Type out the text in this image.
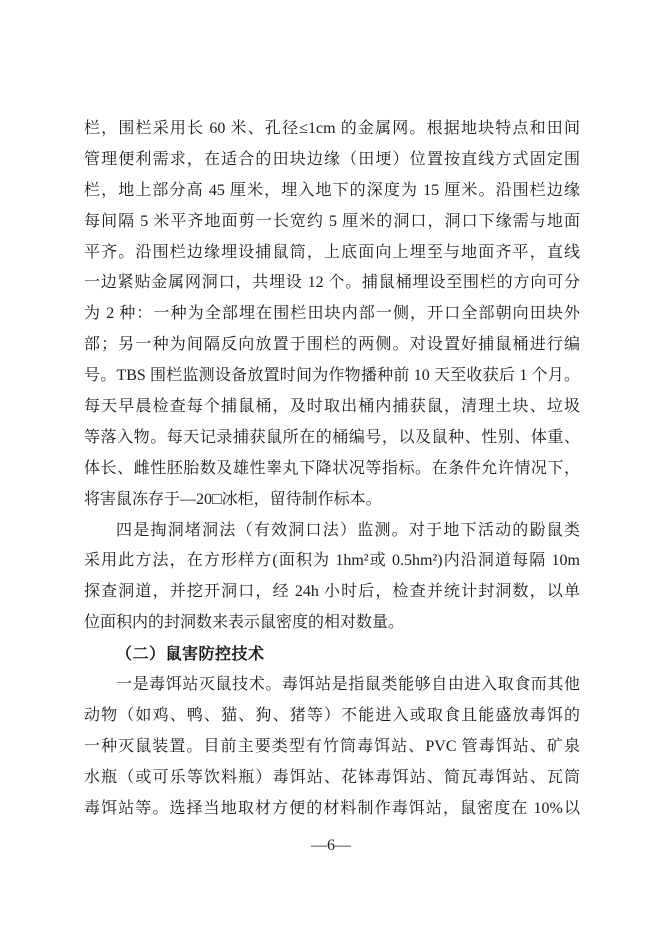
栏，围栏采用长 60 米、孔径≤1cm 的金属网。根据地块特点和田间
管理便利需求，在适合的田块边缘（田埂）位置按直线方式固定围
栏，地上部分高 45 厘米，埋入地下的深度为 15 厘米。沿围栏边缘
每间隔 5 米平齐地面剪一长宽约 5 厘米的洞口，洞口下缘需与地面
平齐。沿围栏边缘埋设捕鼠筒，上底面向上埋至与地面齐平，直线
一边紧贴金属网洞口，共埋设 12 个。捕鼠桶埋设至围栏的方向可分
为 2 种：一种为全部埋在围栏田块内部一侧，开口全部朝向田块外
部；另一种为间隔反向放置于围栏的两侧。对设置好捕鼠桶进行编
号。TBS 围栏监测设备放置时间为作物播种前 10 天至收获后 1 个月。
每天早晨检查每个捕鼠桶，及时取出桶内捕获鼠，清理土块、垃圾
等落入物。每天记录捕获鼠所在的桶编号，以及鼠种、性别、体重、
体长、雌性胚胎数及雄性睾丸下降状况等指标。在条件允许情况下，
将害鼠冻存于—20□冰柜，留待制作标本。
四是掏洞堵洞法（有效洞口法）监测。对于地下活动的鼢鼠类
采用此方法，在方形样方(面积为 1hm²或 0.5hm²)内沿洞道每隔 10m
探查洞道，并挖开洞口，经 24h 小时后，检查并统计封洞数，以单
位面积内的封洞数来表示鼠密度的相对数量。
（二）鼠害防控技术
一是毒饵站灭鼠技术。毒饵站是指鼠类能够自由进入取食而其他
动物（如鸡、鸭、猫、狗、猪等）不能进入或取食且能盛放毒饵的
一种灭鼠装置。目前主要类型有竹筒毒饵站、PVC 管毒饵站、矿泉
水瓶（或可乐等饮料瓶）毒饵站、花钵毒饵站、简瓦毒饵站、瓦筒
毒饵站等。选择当地取材方便的材料制作毒饵站，鼠密度在 10%以
—6—
